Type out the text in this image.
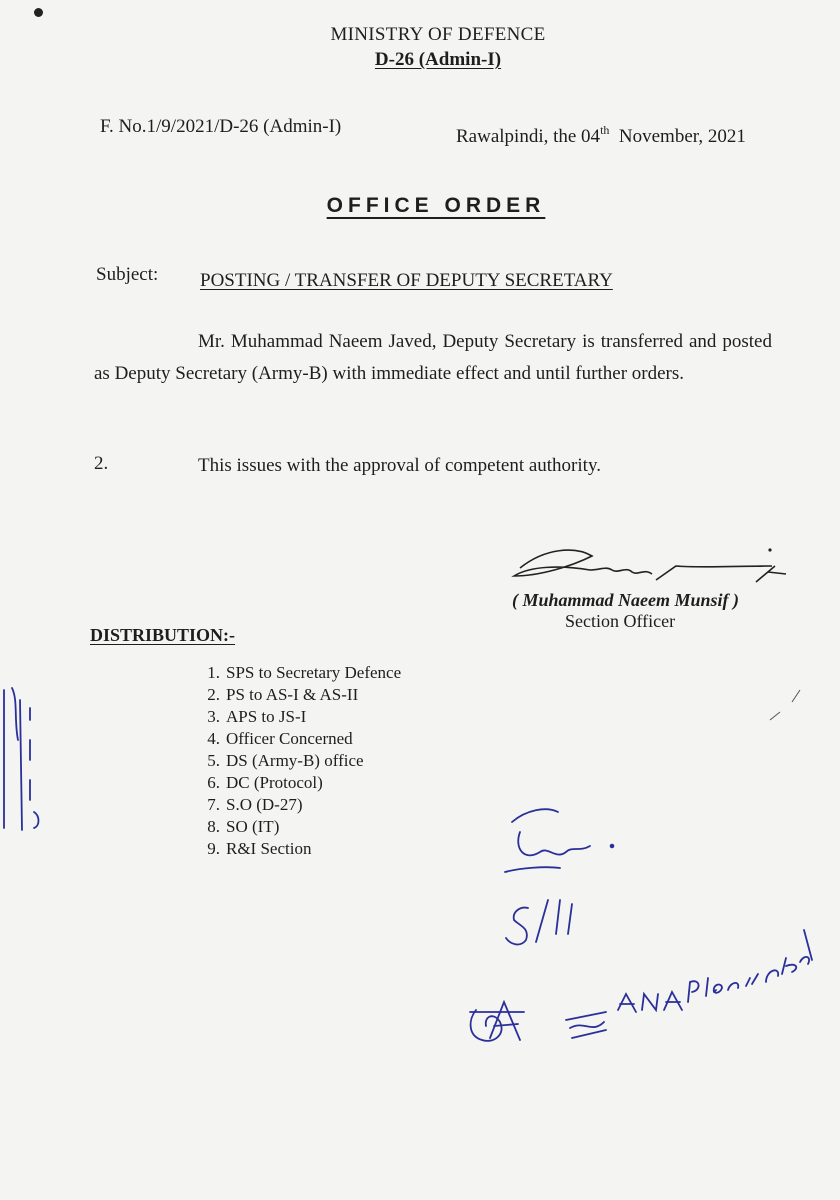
MINISTRY OF DEFENCE
D-26 (Admin-I)
F. No.1/9/2021/D-26 (Admin-I)	Rawalpindi, the 04th November, 2021
OFFICE ORDER
Subject: POSTING / TRANSFER OF DEPUTY SECRETARY
Mr. Muhammad Naeem Javed, Deputy Secretary is transferred and posted as Deputy Secretary (Army-B) with immediate effect and until further orders.
2.	This issues with the approval of competent authority.
( Muhammad Naeem Munsif )
Section Officer
DISTRIBUTION:-
1. SPS to Secretary Defence
2. PS to AS-I & AS-II
3. APS to JS-I
4. Officer Concerned
5. DS (Army-B) office
6. DC (Protocol)
7. S.O (D-27)
8. SO (IT)
9. R&I Section
